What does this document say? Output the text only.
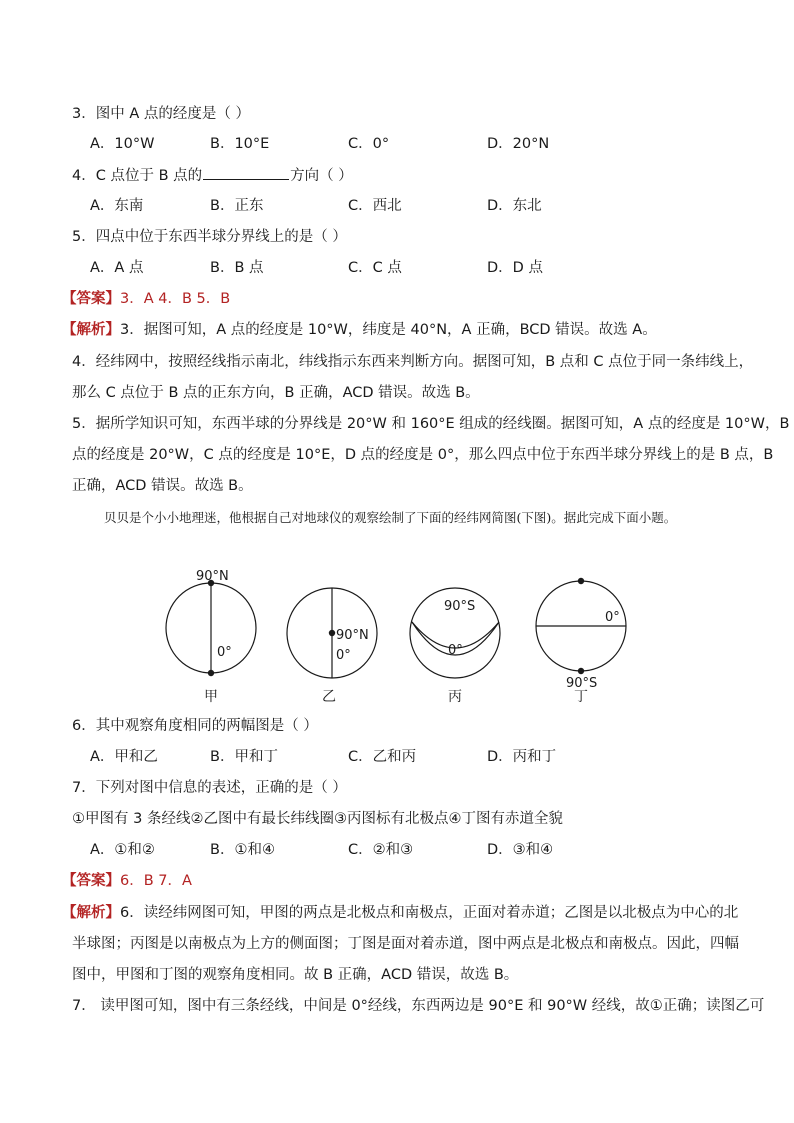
3．图中 A 点的经度是（ ）
A．10°W	B．10°E	C．0°	D．20°N
4．C 点位于 B 点的	方向（ ）
A．东南	B．正东	C．西北	D．东北
5．四点中位于东西半球分界线上的是（ ）
A．A 点	B．B 点	C．C 点	D．D 点
【答案】3．A 4．B 5．B
【解析】3．据图可知，A 点的经度是 10°W，纬度是 40°N，A 正确，BCD 错误。故选 A。
4．经纬网中，按照经线指示南北，纬线指示东西来判断方向。据图可知，B 点和 C 点位于同一条纬线上，
那么 C 点位于 B 点的正东方向，B 正确，ACD 错误。故选 B。
5．据所学知识可知，东西半球的分界线是 20°W 和 160°E 组成的经线圈。据图可知，A 点的经度是 10°W，B
点的经度是 20°W，C 点的经度是 10°E，D 点的经度是 0°，那么四点中位于东西半球分界线上的是 B 点，B
正确，ACD 错误。故选 B。
贝贝是个小小地理迷，他根据自己对地球仪的观察绘制了下面的经纬网简图(下图)。据此完成下面小题。
90°N
0°
甲
90°N
0°
乙
90°S
0°
丙
0°
90°S
丁
6．其中观察角度相同的两幅图是（ ）
A．甲和乙	B．甲和丁	C．乙和丙	D．丙和丁
7．下列对图中信息的表述，正确的是（ ）
①甲图有 3 条经线②乙图中有最长纬线圈③丙图标有北极点④丁图有赤道全貌
A．①和②	B．①和④	C．②和③	D．③和④
【答案】6．B 7．A
【解析】6．读经纬网图可知，甲图的两点是北极点和南极点，正面对着赤道；乙图是以北极点为中心的北
半球图；丙图是以南极点为上方的侧面图；丁图是面对着赤道，图中两点是北极点和南极点。因此，四幅
图中，甲图和丁图的观察角度相同。故 B 正确，ACD 错误，故选 B。
7． 读甲图可知，图中有三条经线，中间是 0°经线，东西两边是 90°E 和 90°W 经线，故①正确；读图乙可
